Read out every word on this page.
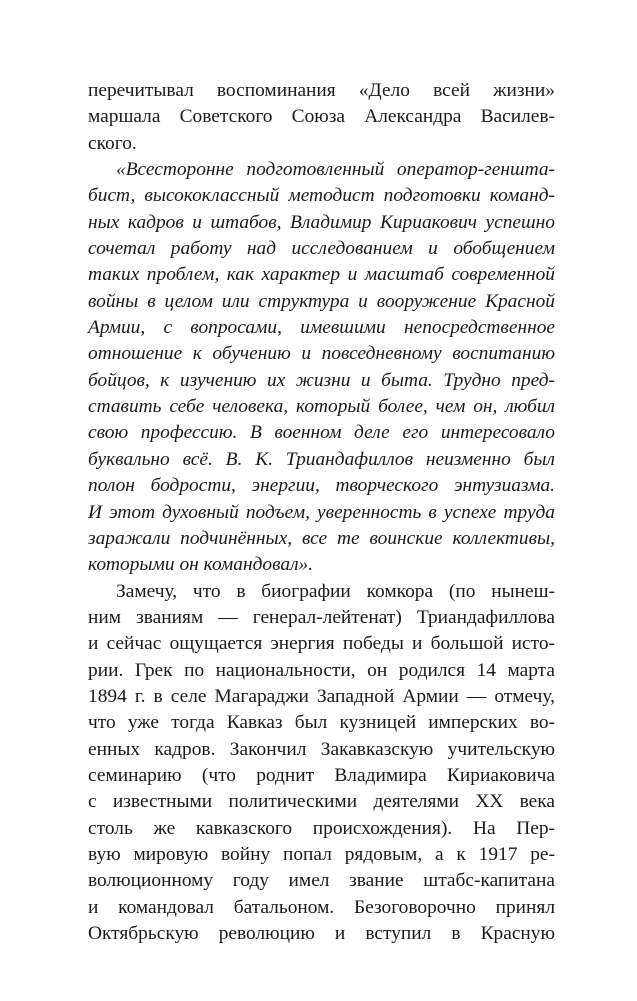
перечитывал воспоминания «Дело всей жизни»
маршала Советского Союза Александра Василев-
ского.
«Всесторонне подготовленный оператор-геншта-
бист, высококлассный методист подготовки команд-
ных кадров и штабов, Владимир Кириакович успешно
сочетал работу над исследованием и обобщением
таких проблем, как характер и масштаб современной
войны в целом или структура и вооружение Красной
Армии, с вопросами, имевшими непосредственное
отношение к обучению и повседневному воспитанию
бойцов, к изучению их жизни и быта. Трудно пред-
ставить себе человека, который более, чем он, любил
свою профессию. В военном деле его интересовало
буквально всё. В. К. Триандафиллов неизменно был
полон бодрости, энергии, творческого энтузиазма.
И этот духовный подъем, уверенность в успехе труда
заражали подчинённых, все те воинские коллективы,
которыми он командовал».
Замечу, что в биографии комкора (по нынеш-
ним званиям — генерал-лейтенат) Триандафиллова
и сейчас ощущается энергия победы и большой исто-
рии. Грек по национальности, он родился 14 марта
1894 г. в селе Магараджи Западной Армии — отмечу,
что уже тогда Кавказ был кузницей имперских во-
енных кадров. Закончил Закавказскую учительскую
семинарию (что роднит Владимира Кириаковича
с известными политическими деятелями XX века
столь же кавказского происхождения). На Пер-
вую мировую войну попал рядовым, а к 1917 ре-
волюционному году имел звание штабс-капитана
и командовал батальоном. Безоговорочно принял
Октябрьскую революцию и вступил в Красную
